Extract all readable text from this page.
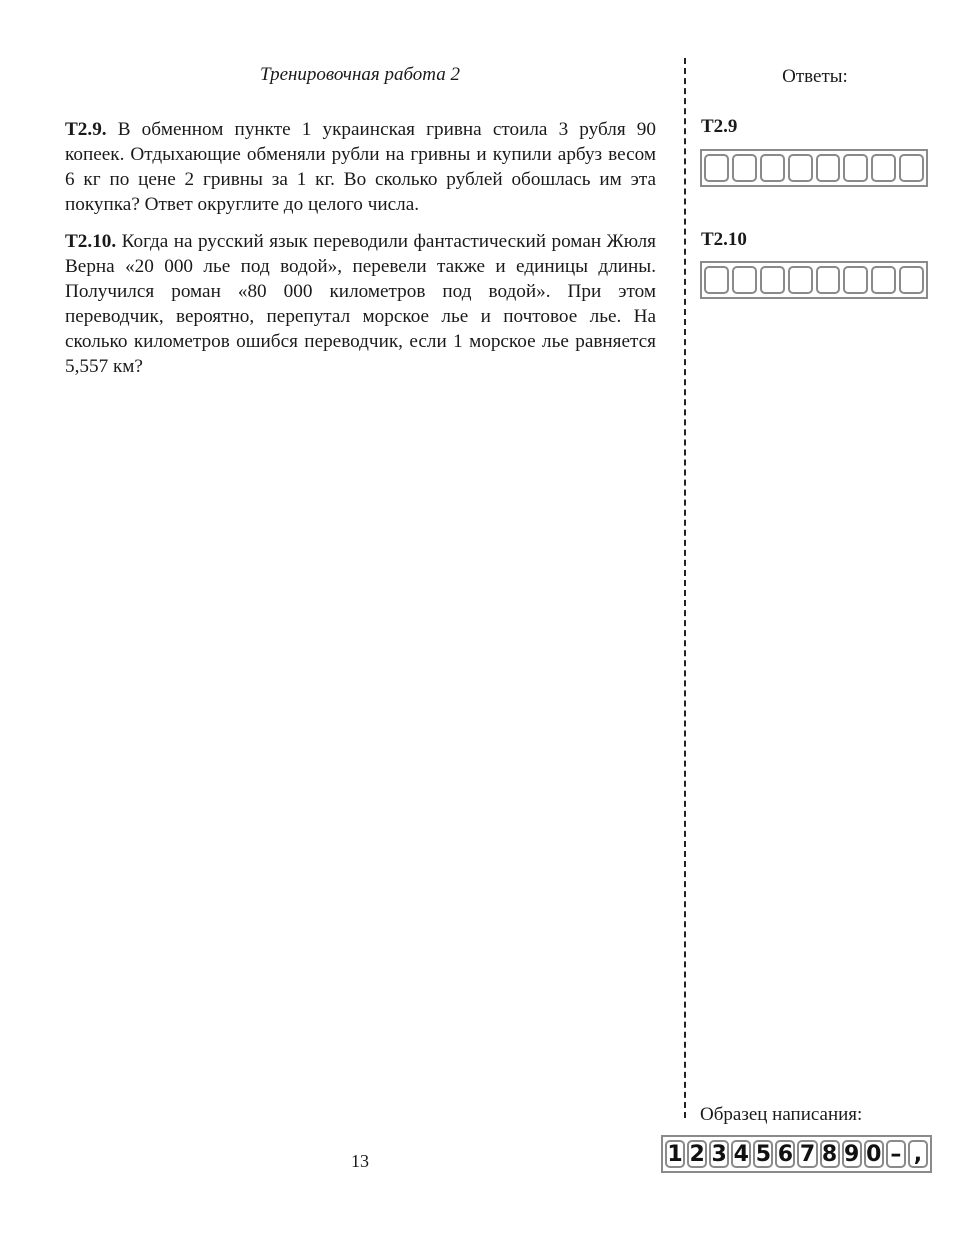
Тренировочная работа 2	Ответы:
Т2.9. В обменном пункте 1 украинская гривна стоила 3 рубля 90 копеек. Отдыхающие обменяли рубли на гривны и купили арбуз весом 6 кг по цене 2 гривны за 1 кг. Во сколько рублей обошлась им эта покупка? Ответ округлите до целого числа.
Т2.10. Когда на русский язык переводили фантастический роман Жюля Верна «20 000 лье под водой», перевели также и единицы длины. Получился роман «80 000 километров под водой». При этом переводчик, вероятно, перепутал морское лье и почтовое лье. На сколько километров ошибся переводчик, если 1 морское лье равняется 5,557 км?
Т2.9
Т2.10
Образец написания:
1 2 3 4 5 6 7 8 9 0 – ,
13
